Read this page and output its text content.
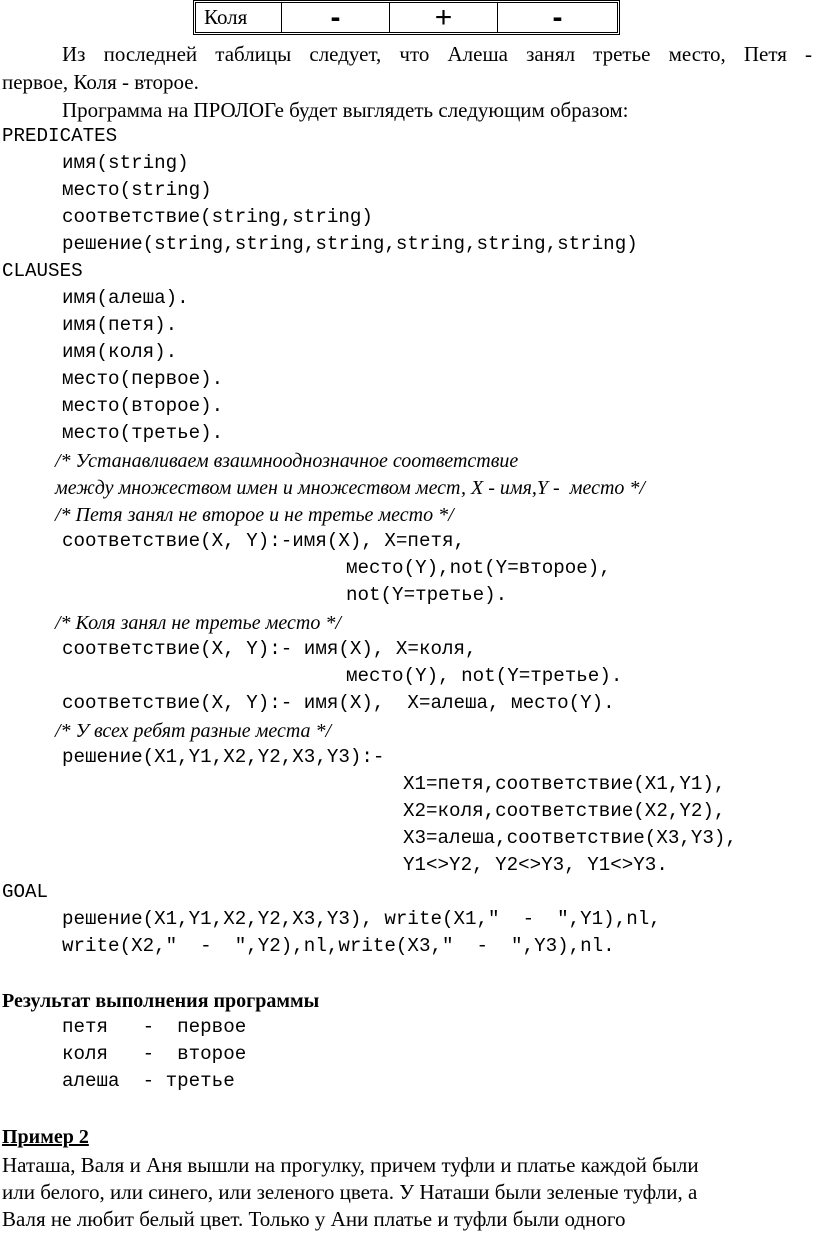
Коля	-	+	-
Из последней таблицы следует, что Алеша занял третье место, Петя -
первое, Коля - второе.
Программа на ПРОЛОГе будет выглядеть следующим образом:
PREDICATES
имя(string)
место(string)
соответствие(string,string)
решение(string,string,string,string,string,string)
CLAUSES
имя(алеша).
имя(петя).
имя(коля).
место(первое).
место(второе).
место(третье).
/* Устанавливаем взаимнооднозначное соответствие
между множеством имен и множеством мест, X - имя,Y -  место */
/* Петя занял не второе и не третье место */
соответствие(X, Y):-имя(X), X=петя,
место(Y),not(Y=второе),
not(Y=третье).
/* Коля занял не третье место */
соответствие(X, Y):- имя(X), X=коля,
место(Y), not(Y=третье).
соответствие(X, Y):- имя(X),  X=алеша, место(Y).
/* У всех ребят разные места */
решение(X1,Y1,X2,Y2,X3,Y3):-
X1=петя,соответствие(X1,Y1),
X2=коля,соответствие(X2,Y2),
X3=алеша,соответствие(X3,Y3),
Y1<>Y2, Y2<>Y3, Y1<>Y3.
GOAL
решение(X1,Y1,X2,Y2,X3,Y3), write(X1,"  -  ",Y1),nl,
write(X2,"  -  ",Y2),nl,write(X3,"  -  ",Y3),nl.
Результат выполнения программы
петя   -  первое
коля   -  второе
алеша  - третье
Пример 2
Наташа, Валя и Аня вышли на прогулку, причем туфли и платье каждой были
или белого, или синего, или зеленого цвета. У Наташи были зеленые туфли, а
Валя не любит белый цвет. Только у Ани платье и туфли были одного
